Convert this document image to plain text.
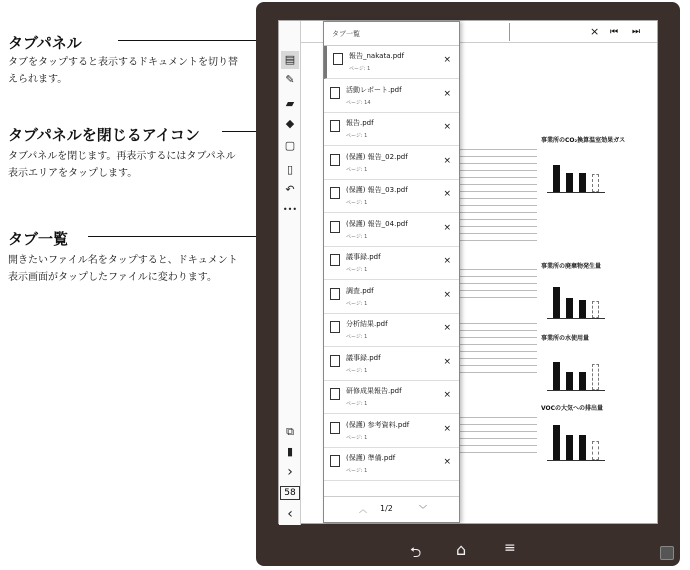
タブパネル
タブをタップすると表示するドキュメントを切り替えられます。
タブパネルを閉じるアイコン
タブパネルを閉じます。再表示するにはタブパネル表示エリアをタップします。
タブ一覧
開きたいファイル名をタップすると、ドキュメント表示画面がタップしたファイルに変わります。
▤
✎
▰
◆
▢
▯
↶
•••
⧉
▮
›
58
‹
× ⏮ ⏭
事業所のCO₂換算温室効果ガス
事業所の廃棄物発生量
事業所の水使用量
VOCの大気への排出量
タブ一覧
報告_nakata.pdf
ページ: 1
×
活動レポート.pdf
ページ: 14
×
報告.pdf
ページ: 1
×
(保護) 報告_02.pdf
ページ: 1
×
(保護) 報告_03.pdf
ページ: 1
×
(保護) 報告_04.pdf
ページ: 1
×
議事録.pdf
ページ: 1
×
調査.pdf
ページ: 1
×
分析結果.pdf
ページ: 1
×
議事録.pdf
ページ: 1
×
研修成果報告.pdf
ページ: 1
×
(保護) 参考資料.pdf
ページ: 1
×
(保護) 準備.pdf
ページ: 1
×
︿	1/2	﹀
⮌ ⌂	≡
